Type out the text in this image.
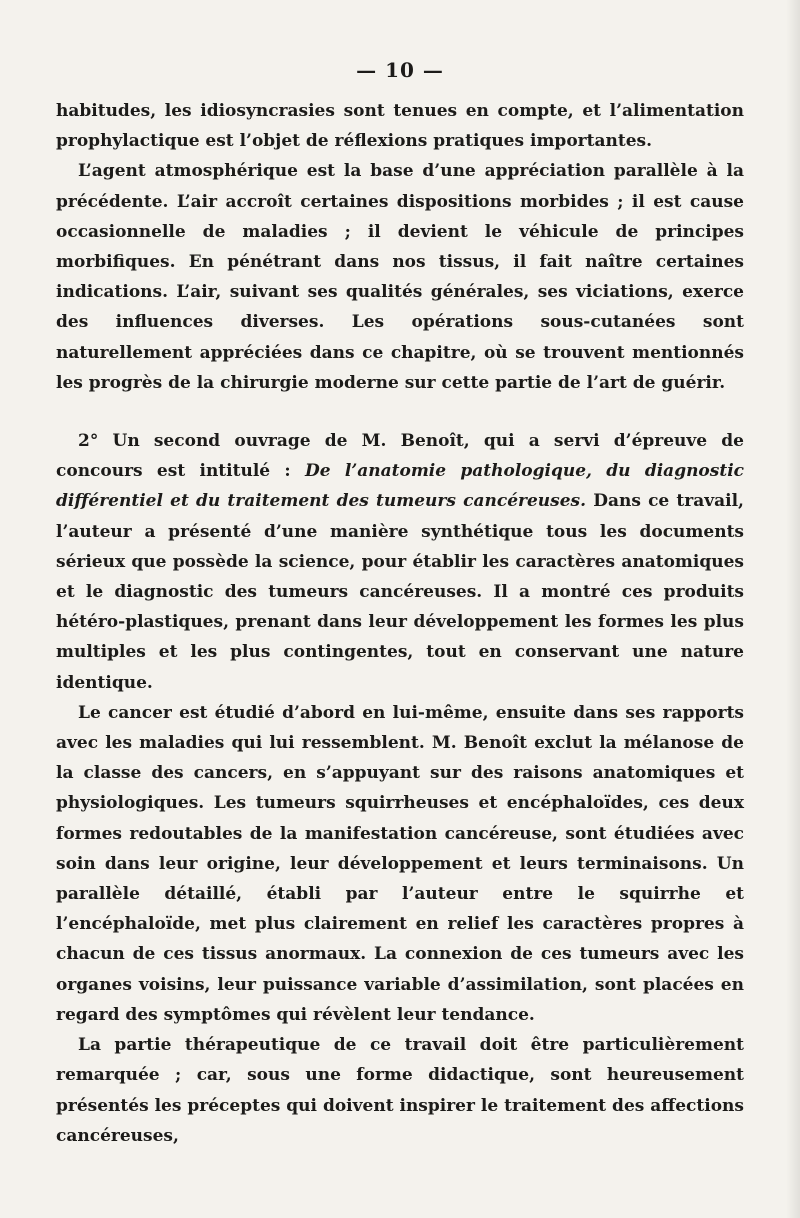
— 10 —

habitudes, les idiosyncrasies sont tenues en compte, et l’alimentation prophylactique est l’objet de réflexions pratiques importantes.

L’agent atmosphérique est la base d’une appréciation parallèle à la précédente. L’air accroît certaines dispositions morbides ; il est cause occasionnelle de maladies ; il devient le véhicule de principes morbifiques. En pénétrant dans nos tissus, il fait naître certaines indications. L’air, suivant ses qualités générales, ses viciations, exerce des influences diverses. Les opérations sous-cutanées sont naturellement appréciées dans ce chapitre, où se trouvent mentionnés les progrès de la chirurgie moderne sur cette partie de l’art de guérir.

2° Un second ouvrage de M. Benoît, qui a servi d’épreuve de concours est intitulé : De l’anatomie pathologique, du diagnostic différentiel et du traitement des tumeurs cancéreuses. Dans ce travail, l’auteur a présenté d’une manière synthétique tous les documents sérieux que possède la science, pour établir les caractères anatomiques et le diagnostic des tumeurs cancéreuses. Il a montré ces produits hétéro-plastiques, prenant dans leur développement les formes les plus multiples et les plus contingentes, tout en conservant une nature identique.

Le cancer est étudié d’abord en lui-même, ensuite dans ses rapports avec les maladies qui lui ressemblent. M. Benoît exclut la mélanose de la classe des cancers, en s’appuyant sur des raisons anatomiques et physiologiques. Les tumeurs squirrheuses et encéphaloïdes, ces deux formes redoutables de la manifestation cancéreuse, sont étudiées avec soin dans leur origine, leur développement et leurs terminaisons. Un parallèle détaillé, établi par l’auteur entre le squirrhe et l’encéphaloïde, met plus clairement en relief les caractères propres à chacun de ces tissus anormaux. La connexion de ces tumeurs avec les organes voisins, leur puissance variable d’assimilation, sont placées en regard des symptômes qui révèlent leur tendance.

La partie thérapeutique de ce travail doit être particulièrement remarquée ; car, sous une forme didactique, sont heureusement présentés les préceptes qui doivent inspirer le traitement des affections cancéreuses,
